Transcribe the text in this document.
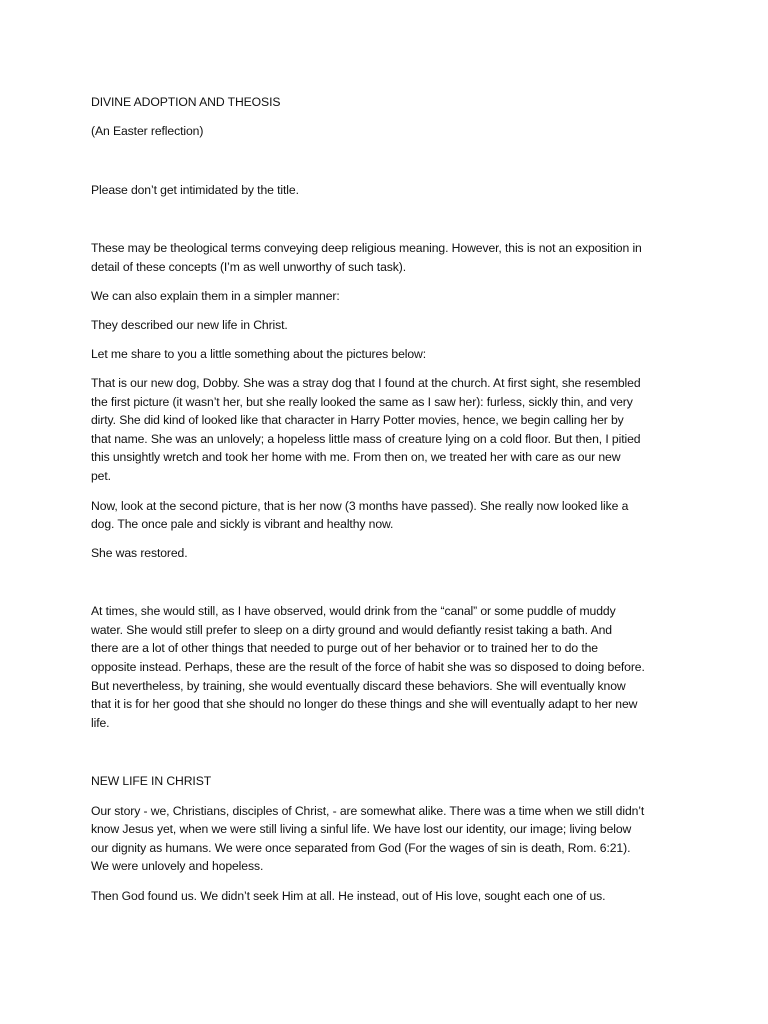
DIVINE ADOPTION AND THEOSIS
(An Easter reflection)
Please don’t get intimidated by the title.
These may be theological terms conveying deep religious meaning. However, this is not an exposition in
detail of these concepts (I’m as well unworthy of such task).
We can also explain them in a simpler manner:
They described our new life in Christ.
Let me share to you a little something about the pictures below:
That is our new dog, Dobby. She was a stray dog that I found at the church. At first sight, she resembled
the first picture (it wasn’t her, but she really looked the same as I saw her): furless, sickly thin, and very
dirty. She did kind of looked like that character in Harry Potter movies, hence, we begin calling her by
that name. She was an unlovely; a hopeless little mass of creature lying on a cold floor. But then, I pitied
this unsightly wretch and took her home with me. From then on, we treated her with care as our new
pet.
Now, look at the second picture, that is her now (3 months have passed). She really now looked like a
dog. The once pale and sickly is vibrant and healthy now.
She was restored.
At times, she would still, as I have observed, would drink from the “canal” or some puddle of muddy
water. She would still prefer to sleep on a dirty ground and would defiantly resist taking a bath. And
there are a lot of other things that needed to purge out of her behavior or to trained her to do the
opposite instead. Perhaps, these are the result of the force of habit she was so disposed to doing before.
But nevertheless, by training, she would eventually discard these behaviors. She will eventually know
that it is for her good that she should no longer do these things and she will eventually adapt to her new
life.
NEW LIFE IN CHRIST
Our story - we, Christians, disciples of Christ, - are somewhat alike. There was a time when we still didn’t
know Jesus yet, when we were still living a sinful life. We have lost our identity, our image; living below
our dignity as humans. We were once separated from God (For the wages of sin is death, Rom. 6:21).
We were unlovely and hopeless.
Then God found us. We didn’t seek Him at all. He instead, out of His love, sought each one of us.
